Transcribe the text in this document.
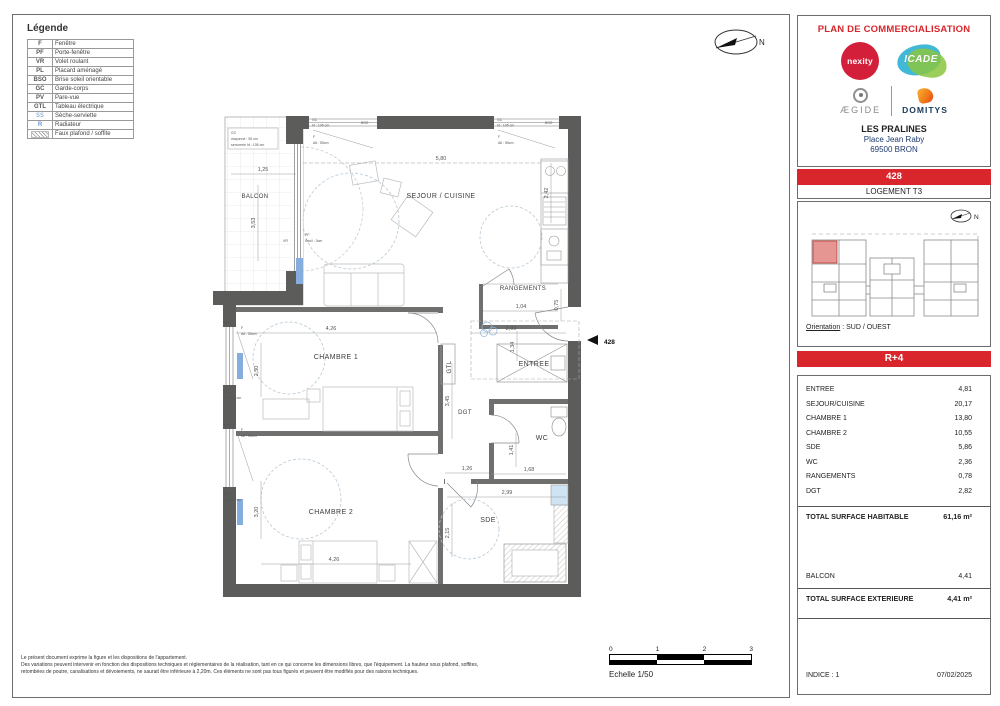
Légende
F	Fenêtre
PF	Porte-fenêtre
VR	Volet roulant
PL	Placard aménagé
BSO	Brise soleil orientable
GC	Garde-corps
PV	Pare-vue
GTL	Tableau électrique
SS	Sèche-serviette
R	Radiateur

	Faux plafond / soffite
N
428
BALCON	SEJOUR / CUISINE
RANGEMENTS
CHAMBRE 1
ENTREE
DGT
WC
CHAMBRE 2
SDE
GTL
1,25
3,53
5,80
2,42
1,04	0,75
4,26
2,50
2,99
1,34
3,45
1,41
1,68
1,26
2,99
2,15
4,26
3,20
GC
maçonné : 50 cm
serrurerie ht : 105 cm
GC
ht : 105 cm
BSO
F
Alt : 55cm
GC
ht : 105 cm
BSO
F
Alt : 55cm
VR
PF
Seuil : 0cm
BSO
F
Alt : 55cm
GC
ht : 105 cm
BSO
F
Alt : 55cm
GC
ht : 105 cm
Le présent document exprime la figure et les dispositions de l'appartement.
Des variations peuvent intervenir en fonction des dispositions techniques et réglementaires de la réalisation, tant en ce qui concerne les dimensions libres, que l'équipement. La hauteur sous plafond, soffites,
retombées de poutre, canalisations et dévoiements, ne saurait être inférieure à 2,20m. Ces éléments ne sont pas tous figurés et peuvent être modifiés pour des raisons techniques.
0	1	2	3
Echelle 1/50
PLAN DE COMMERCIALISATION
nexity	ICADE
ÆGIDE DOMITYS
LES PRALINES
Place Jean Raby
69500 BRON
428
LOGEMENT T3
N
Orientation : SUD / OUEST
R+4
ENTREE	4,81
SEJOUR/CUISINE	20,17
CHAMBRE 1	13,80
CHAMBRE 2	10,55
SDE	5,86
WC	2,36
RANGEMENTS	0,78
DGT	2,82
TOTAL SURFACE HABITABLE	61,16 m²
BALCON	4,41
TOTAL SURFACE EXTERIEURE	4,41 m²
INDICE : 1	07/02/2025
